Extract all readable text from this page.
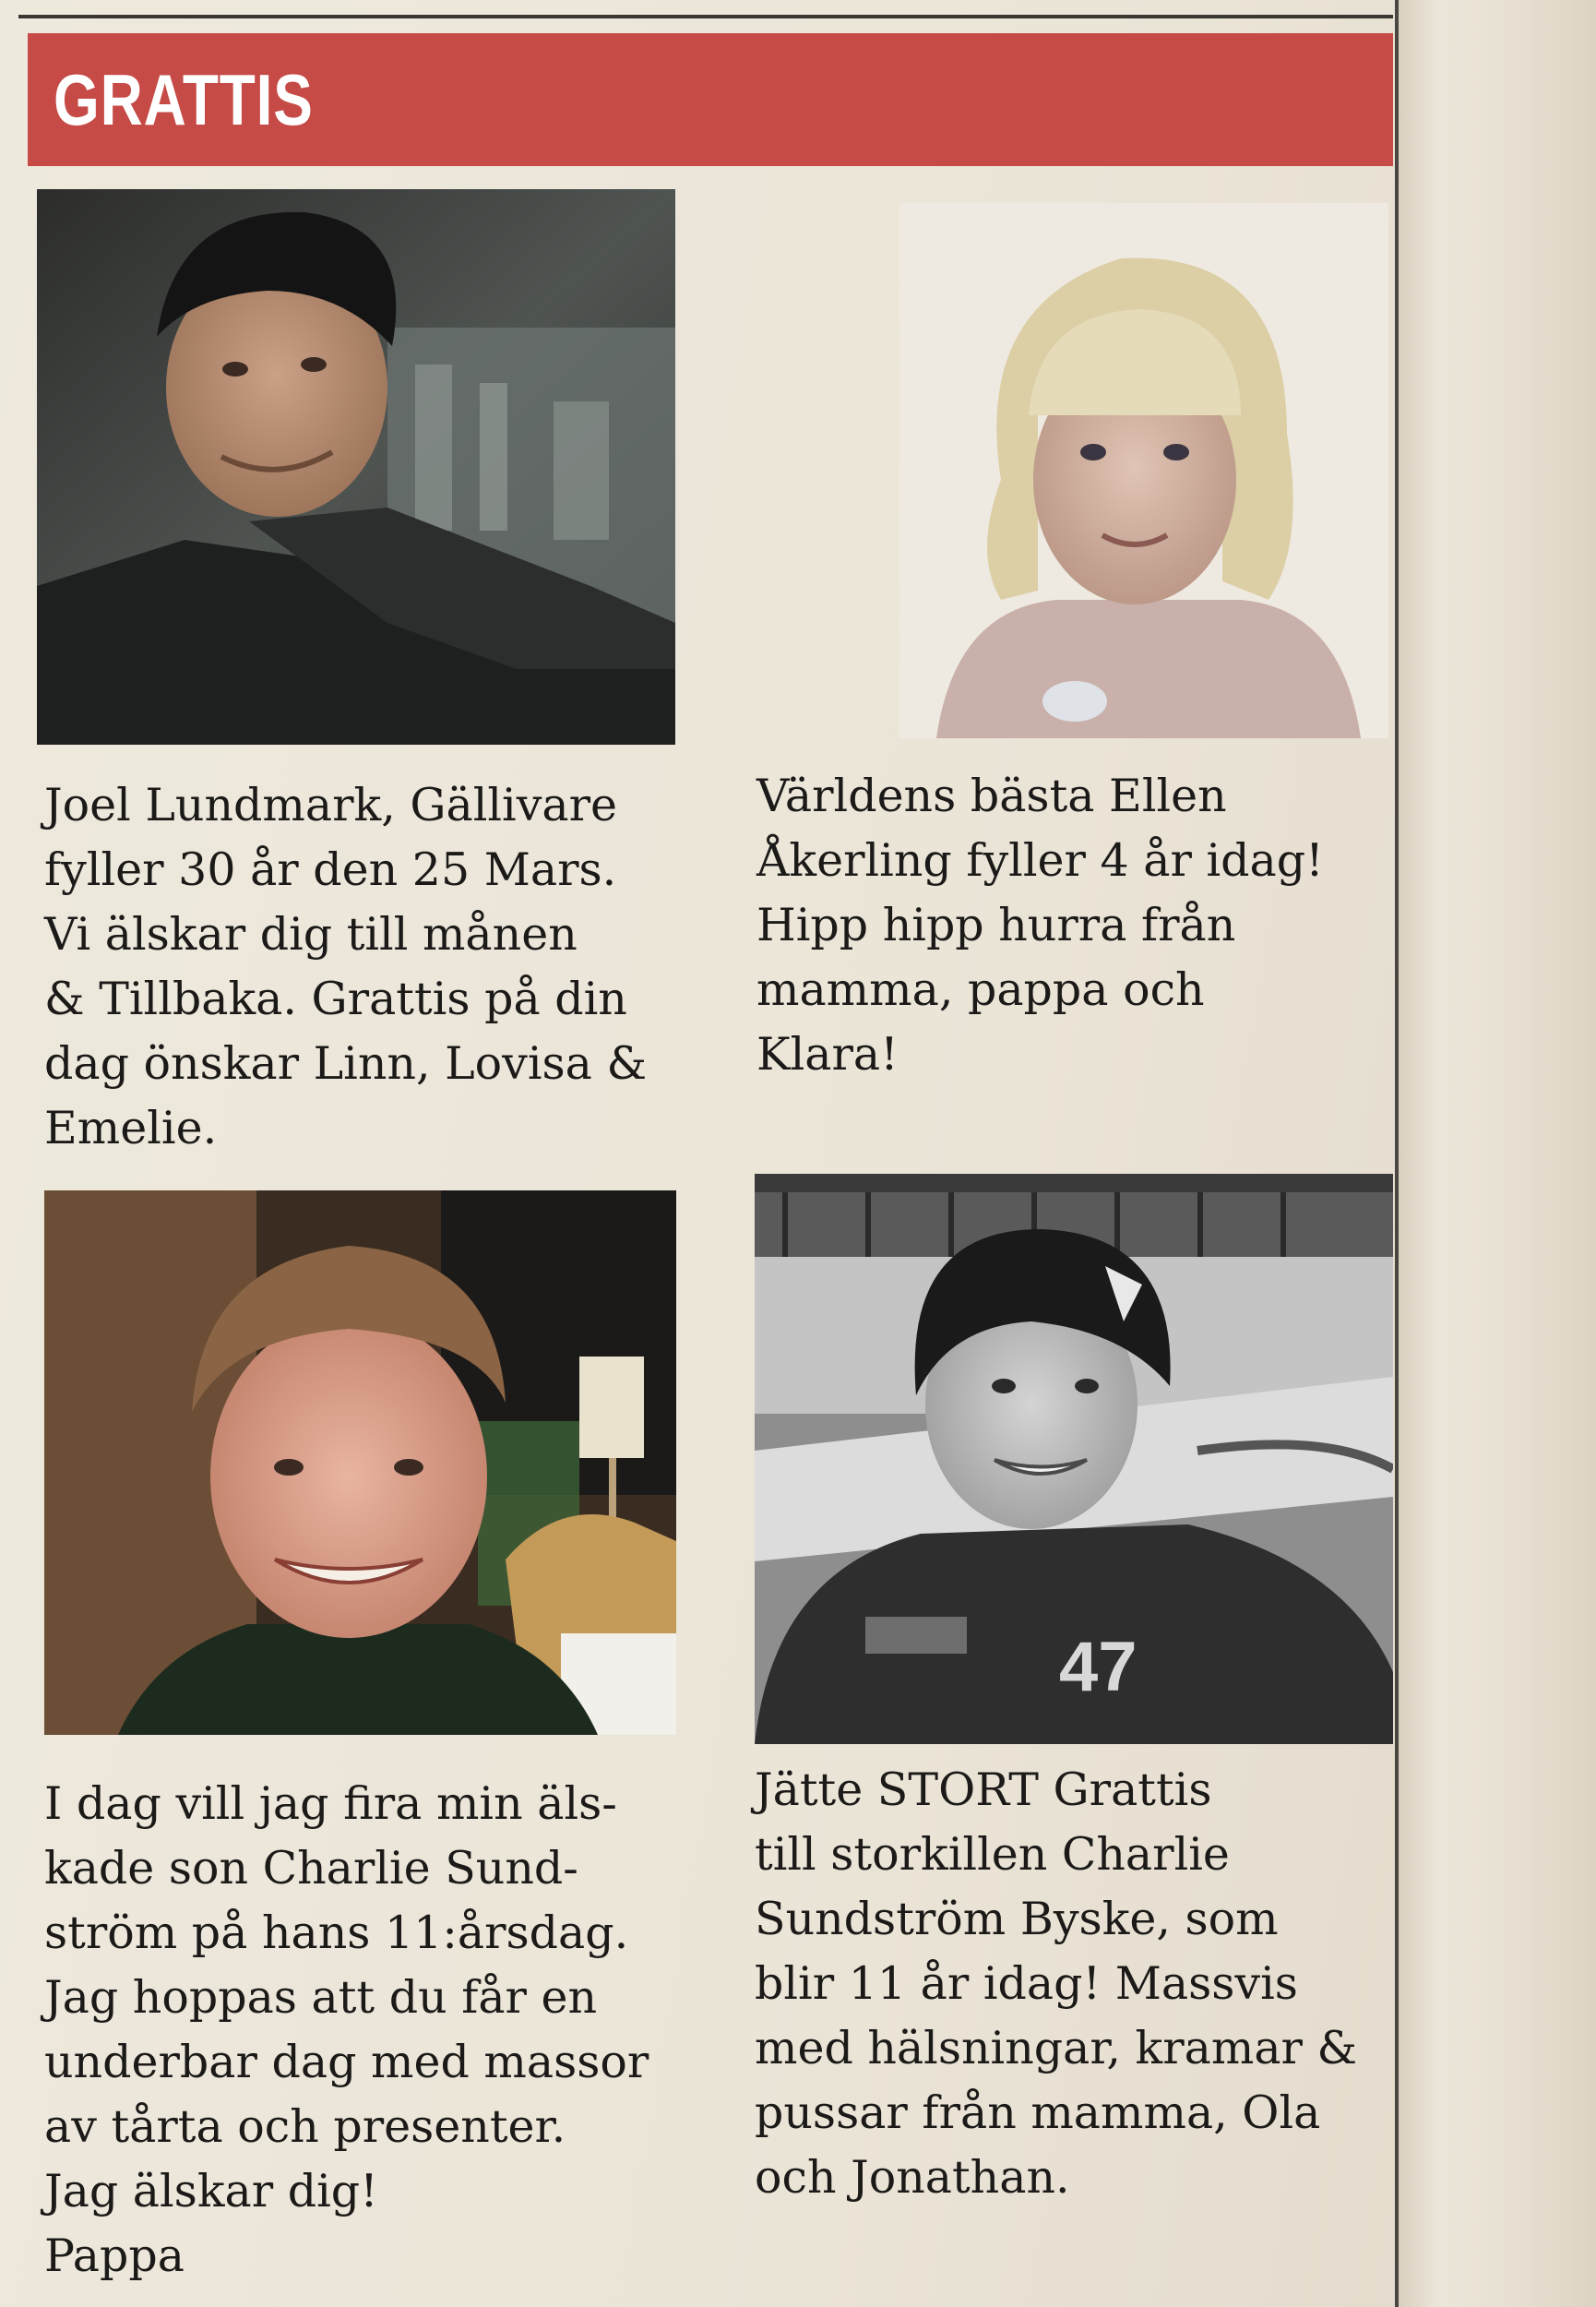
GRATTIS
47
Joel Lundmark, Gällivare
fyller 30 år den 25 Mars.
Vi älskar dig till månen
& Tillbaka. Grattis på din
dag önskar Linn, Lovisa &
Emelie.
Världens bästa Ellen
Åkerling fyller 4 år idag!
Hipp hipp hurra från
mamma, pappa och
Klara!
I dag vill jag fira min äls-
kade son Charlie Sund-
ström på hans 11:årsdag.
Jag hoppas att du får en
underbar dag med massor
av tårta och presenter.
Jag älskar dig!
Pappa
Jätte STORT Grattis
till storkillen Charlie
Sundström Byske, som
blir 11 år idag! Massvis
med hälsningar, kramar &
pussar från mamma, Ola
och Jonathan.
